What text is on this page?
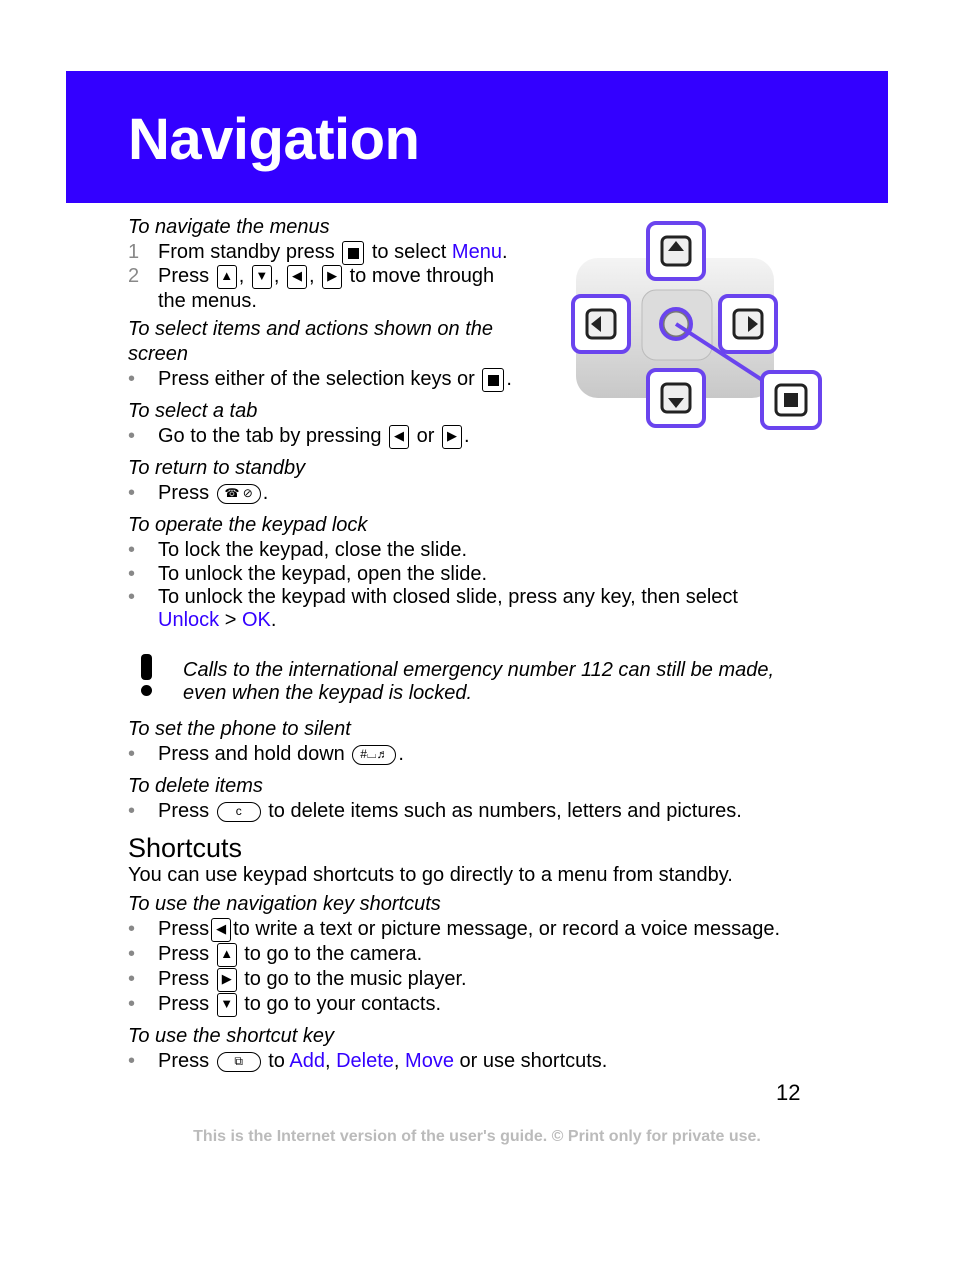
Navigation
To navigate the menus
1 From standby press to select Menu.
2 Press ▲ , ▼ , ◀ , ▶ to move through
the menus.
To select items and actions shown on the
screen
• Press either of the selection keys or .
To select a tab
• Go to the tab by pressing ◀ or ▶ .
To return to standby
• Press ☎ ⊘ .
To operate the keypad lock
• To lock the keypad, close the slide.
• To unlock the keypad, open the slide.
• To unlock the keypad with closed slide, press any key, then select
Unlock > OK.
Calls to the international emergency number 112 can still be made,
even when the keypad is locked.
To set the phone to silent
• Press and hold down #⌴♬ .
To delete items
• Press c to delete items such as numbers, letters and pictures.
Shortcuts
You can use keypad shortcuts to go directly to a menu from standby.
To use the navigation key shortcuts
• Press ◀ to write a text or picture message, or record a voice message.
• Press ▲ to go to the camera.
• Press ▶ to go to the music player.
• Press ▼ to go to your contacts.
To use the shortcut key
• Press ⧉ to Add, Delete, Move or use shortcuts.
12
This is the Internet version of the user's guide. © Print only for private use.
